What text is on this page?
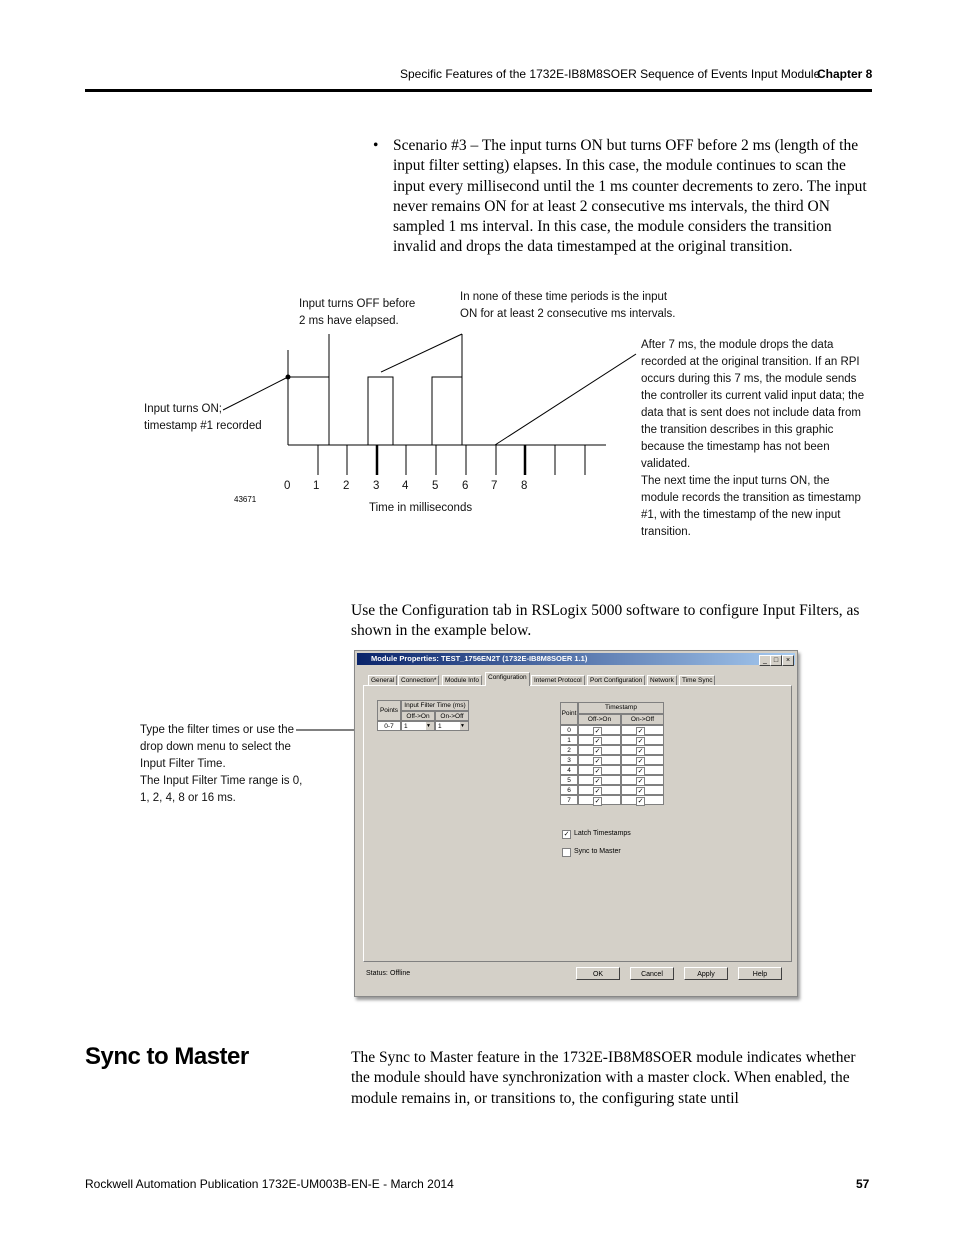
Specific Features of the 1732E-IB8M8SOER Sequence of Events Input Module
Chapter 8
• Scenario #3 – The input turns ON but turns OFF before 2 ms (length of the input filter setting) elapses. In this case, the module continues to scan the input every millisecond until the 1 ms counter decrements to zero. The input never remains ON for at least 2 consecutive ms intervals, the third ON sampled 1 ms interval. In this case, the module considers the transition invalid and drops the data timestamped at the original transition.
Input turns OFF before
2 ms have elapsed.
In none of these time periods is the input
ON for at least 2 consecutive ms intervals.
Input turns ON;
timestamp #1 recorded
After 7 ms, the module drops the data recorded at the original transition. If an RPI occurs during this 7 ms, the module sends the controller its current valid input data; the data that is sent does not include data from the transition describes in this graphic because the timestamp has not been validated.
The next time the input turns ON, the module records the transition as timestamp #1, with the timestamp of the new input transition.
0 1 2 3 4 5 6 7 8
Time in milliseconds
43671
Use the Configuration tab in RSLogix 5000 software to configure Input Filters, as shown in the example below.
Type the filter times or use the drop down menu to select the Input Filter Time.
The Input Filter Time range is 0, 1, 2, 4, 8 or 16 ms.
Module Properties: TEST_1756EN2T (1732E-IB8M8SOER 1.1)	_ □	×
General	Connection*	Module Info	Configuration	Internet Protocol	Port Configuration	Network	Time Sync
Points
Input Filter Time (ms)
Off->On	On->Off
0-7	1	▼	1	▼
Point
Timestamp
Off->On	On->Off
0	✓	✓
1	✓	✓
2	✓	✓
3	✓	✓
4	✓	✓
5	✓	✓
6	✓	✓
7	✓	✓
✓ Latch Timestamps
Sync to Master
Status: Offline	OK	Cancel	Apply	Help
Sync to Master	The Sync to Master feature in the 1732E-IB8M8SOER module indicates whether the module should have synchronization with a master clock. When enabled, the module remains in, or transitions to, the configuring state until
Rockwell Automation Publication 1732E-UM003B-EN-E - March 2014	57
